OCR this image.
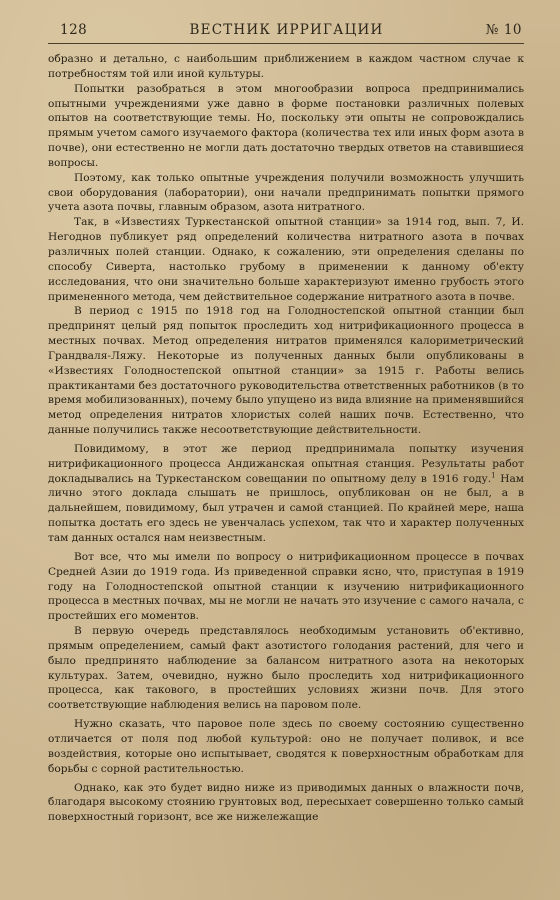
128	ВЕСТНИК ИРРИГАЦИИ	№ 10

образно и детально, с наибольшим приближением в каждом частном случае к потребностям той или иной культуры.

Попытки разобраться в этом многообразии вопроса предпринимались опытными учреждениями уже давно в форме постановки различных полевых опытов на соответствующие темы. Но, поскольку эти опыты не сопровождались прямым учетом самого изучаемого фактора (количества тех или иных форм азота в почве), они естественно не могли дать достаточно твердых ответов на ставившиеся вопросы.

Поэтому, как только опытные учреждения получили возможность улучшить свои оборудования (лаборатории), они начали предпринимать попытки прямого учета азота почвы, главным образом, азота нитратного.

Так, в «Известиях Туркестанской опытной станции» за 1914 год, вып. 7, И. Негоднов публикует ряд определений количества нитратного азота в почвах различных полей станции. Однако, к сожалению, эти определения сделаны по способу Сиверта, настолько грубому в применении к данному об'екту исследования, что они значительно больше характеризуют именно грубость этого примененного метода, чем действительное содержание нитратного азота в почве.

В период с 1915 по 1918 год на Голодностепской опытной станции был предпринят целый ряд попыток проследить ход нитрификационного процесса в местных почвах. Метод определения нитратов применялся калориметрический Грандваля-Ляжу. Некоторые из полученных данных были опубликованы в «Известиях Голодностепской опытной станции» за 1915 г. Работы велись практикантами без достаточного руководительства ответственных работников (в то время мобилизованных), почему было упущено из вида влияние на применявшийся метод определения нитратов хлористых солей наших почв. Естественно, что данные получились также несоответствующие действительности.

Повидимому, в этот же период предпринимала попытку изучения нитрификационного процесса Андижанская опытная станция. Результаты работ докладывались на Туркестанском совещании по опытному делу в 1916 году.$^1$ Нам лично этого доклада слышать не пришлось, опубликован он не был, а в дальнейшем, повидимому, был утрачен и самой станцией. По крайней мере, наша попытка достать его здесь не увенчалась успехом, так что и характер полученных там данных остался нам неизвестным.

Вот все, что мы имели по вопросу о нитрификационном процессе в почвах Средней Азии до 1919 года. Из приведенной справки ясно, что, приступая в 1919 году на Голодностепской опытной станции к изучению нитрификационного процесса в местных почвах, мы не могли не начать это изучение с самого начала, с простейших его моментов.

В первую очередь представлялось необходимым установить об'ективно, прямым определением, самый факт азотистого голодания растений, для чего и было предпринято наблюдение за балансом нитратного азота на некоторых культурах. Затем, очевидно, нужно было проследить ход нитрификационного процесса, как такового, в простейших условиях жизни почв. Для этого соответствующие наблюдения велись на паровом поле.

Нужно сказать, что паровое поле здесь по своему состоянию существенно отличается от поля под любой культурой: оно не получает поливок, и все воздействия, которые оно испытывает, сводятся к поверхностным обработкам для борьбы с сорной растительностью.

Однако, как это будет видно ниже из приводимых данных о влажности почв, благодаря высокому стоянию грунтовых вод, пересыхает совершенно только самый поверхностный горизонт, все же нижележащие
